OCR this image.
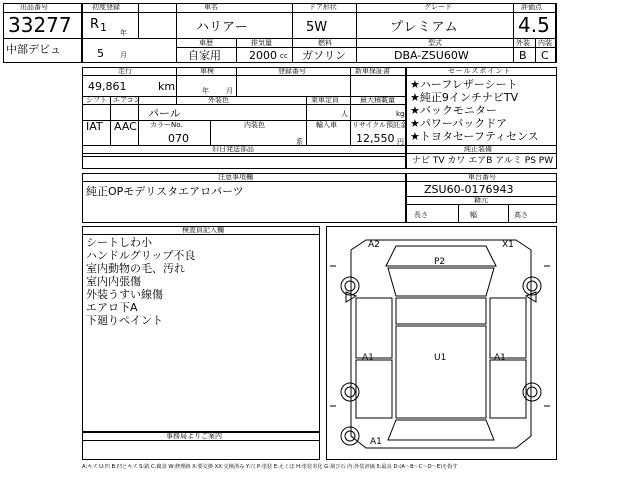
出品番号
33277
中部デビュ
初度登録
R 1 年
5 月
車名
ハリアー
ドア形状
5W
グレード
プレミアム
評価点
4.5
車歴
自家用
排気量
2000 cc
燃料
ガソリン
型式
DBA-ZSU60W
外装 内装
B C
走行
49,861	km
車検
年 月
登録番号	新車保証書
シフト エアコン
IAT AAC
外装色
パール
乗車定員
人
最大積載量
kg
カラーNo.
070
内装色
系
輸入車 リサイクル預託金
12,550 円
旧日発送部品
セールスポイント
★ハーフレザーシート
★純正9インチナビTV
★バックモニター
★パワーバックドア
★トヨタセーフティセンス
純正装備
ナビ TV カワ エアB アルミ PS PW
注意事項欄
純正OPモデリスタエアロパーツ
車台番号
ZSU60-0176943
籍元
長さ	幅	高さ
検査員記入欄
シートしわ小
ハンドルグリップ不良
室内動物の毛、汚れ
室内内張傷
外装うすい線傷
エアロ下A
下廻りペイント
事務局よりご案内
A2	X1
P2
A1	U1	A1
A1
A:キズ U:凹 B:凹とキズ S:錆 C:腐食 W:修理跡 X:要交換 XX:交換済み Y:穴 P:塗装 E:えくぼ H:塗装劣化 G:飛び石 内:外装評価 5:最良 D:(A〜B〜C〜D〜E)を指す
